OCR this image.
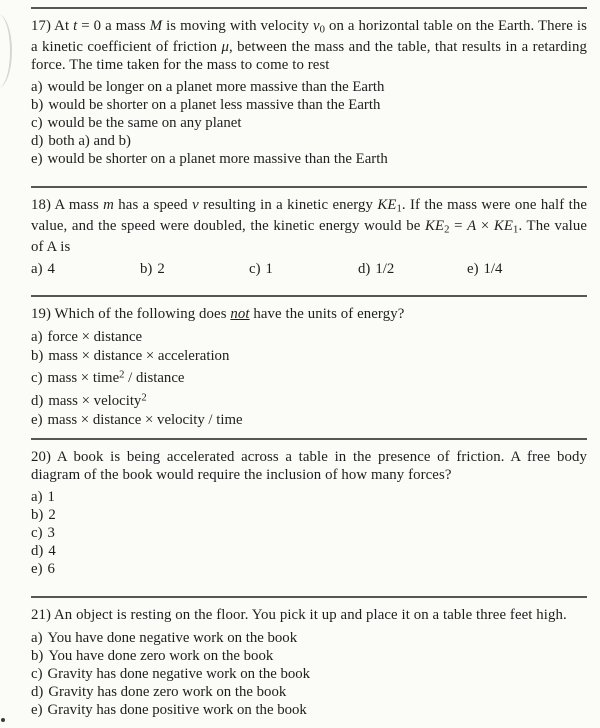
17) At t = 0 a mass M is moving with velocity v0 on a horizontal table on the Earth. There is a kinetic coefficient of friction μ, between the mass and the table, that results in a retarding force. The time taken for the mass to come to rest

a) would be longer on a planet more massive than the Earth
b) would be shorter on a planet less massive than the Earth
c) would be the same on any planet
d) both a) and b)
e) would be shorter on a planet more massive than the Earth

18) A mass m has a speed v resulting in a kinetic energy KE1. If the mass were one half the value, and the speed were doubled, the kinetic energy would be KE2 = A × KE1. The value of A is

a) 4	b) 2	c) 1	d) 1/2	e) 1/4

19) Which of the following does not have the units of energy?

a) force × distance
b) mass × distance × acceleration
c) mass × time$^2$ / distance
d) mass × velocity$^2$
e) mass × distance × velocity / time

20) A book is being accelerated across a table in the presence of friction. A free body diagram of the book would require the inclusion of how many forces?

a) 1
b) 2
c) 3
d) 4
e) 6

21) An object is resting on the floor. You pick it up and place it on a table three feet high.

a) You have done negative work on the book
b) You have done zero work on the book
c) Gravity has done negative work on the book
d) Gravity has done zero work on the book
e) Gravity has done positive work on the book
